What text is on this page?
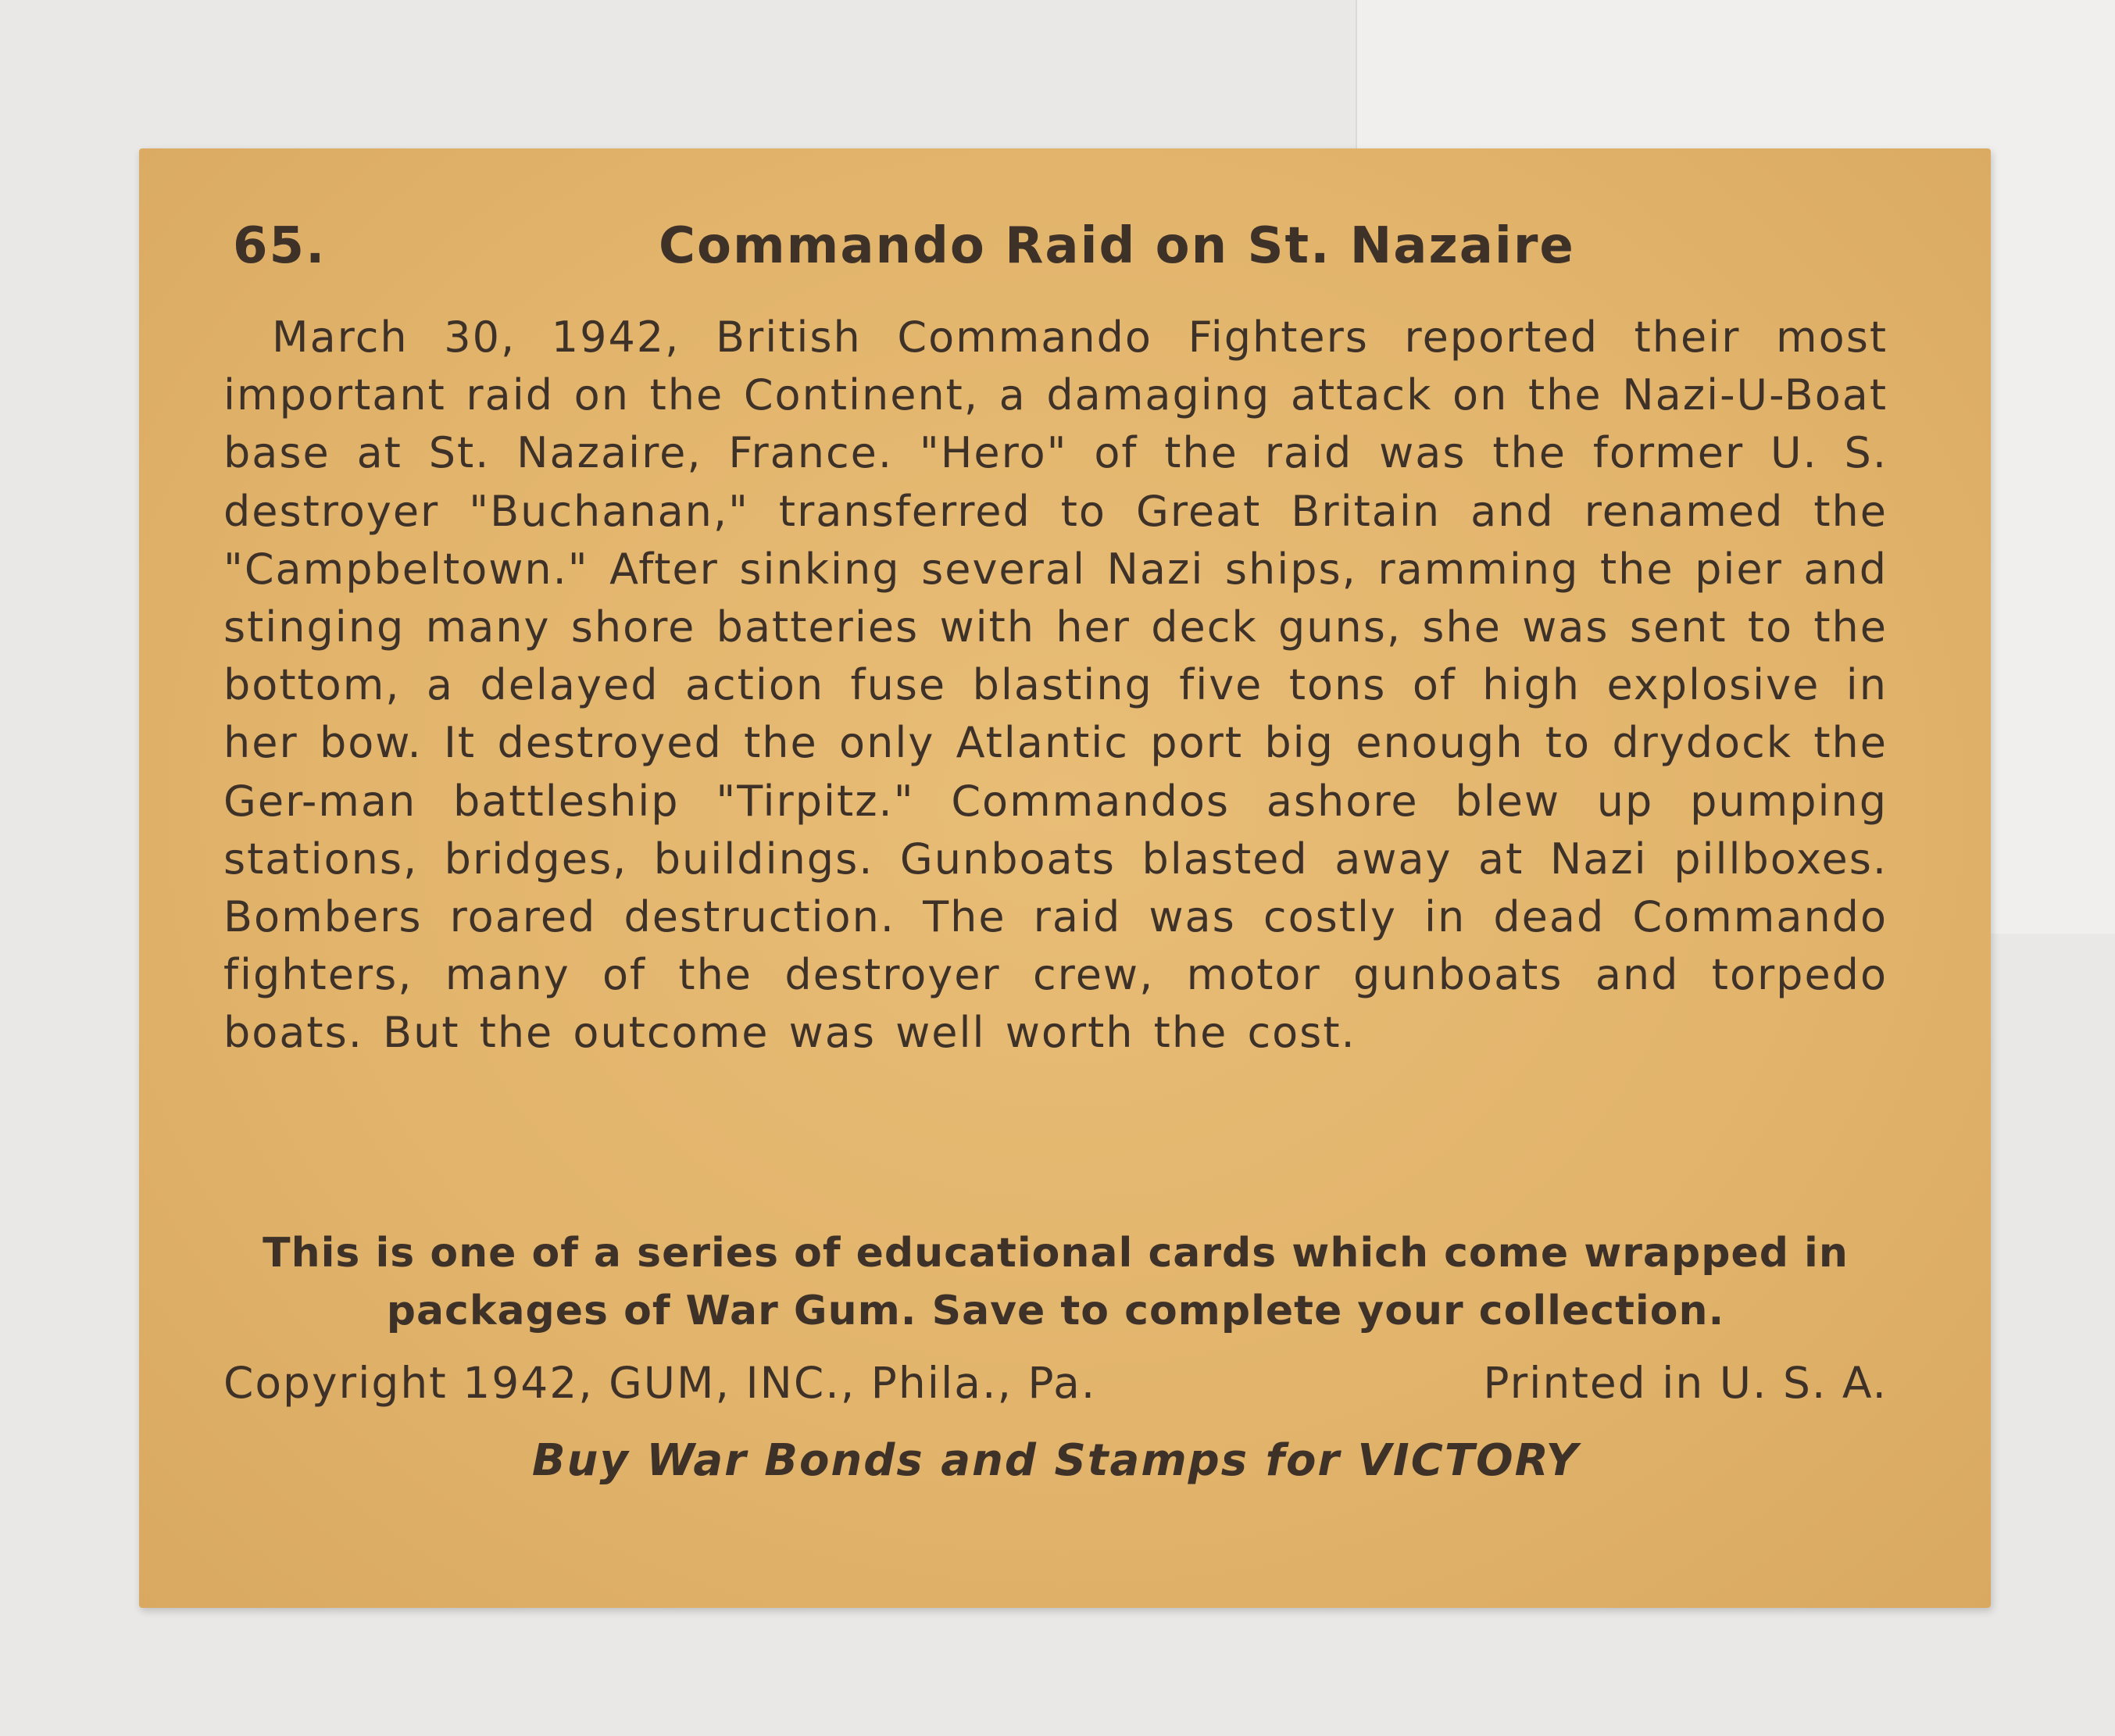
65.	Commando Raid on St. Nazaire

March 30, 1942, British Commando Fighters reported their most important raid on the Continent, a damaging attack on the Nazi-U-Boat base at St. Nazaire, France. "Hero" of the raid was the former U. S. destroyer "Buchanan," transferred to Great Britain and renamed the "Campbeltown." After sinking several Nazi ships, ramming the pier and stinging many shore batteries with her deck guns, she was sent to the bottom, a delayed action fuse blasting five tons of high explosive in her bow. It destroyed the only Atlantic port big enough to drydock the Ger-man battleship "Tirpitz." Commandos ashore blew up pumping stations, bridges, buildings. Gunboats blasted away at Nazi pillboxes. Bombers roared destruction. The raid was costly in dead Commando fighters, many of the destroyer crew, motor gunboats and torpedo boats. But the outcome was well worth the cost.

This is one of a series of educational cards which come wrapped in packages of War Gum. Save to complete your collection.

Copyright 1942, GUM, INC., Phila., Pa.	Printed in U. S. A.
Buy War Bonds and Stamps for VICTORY
